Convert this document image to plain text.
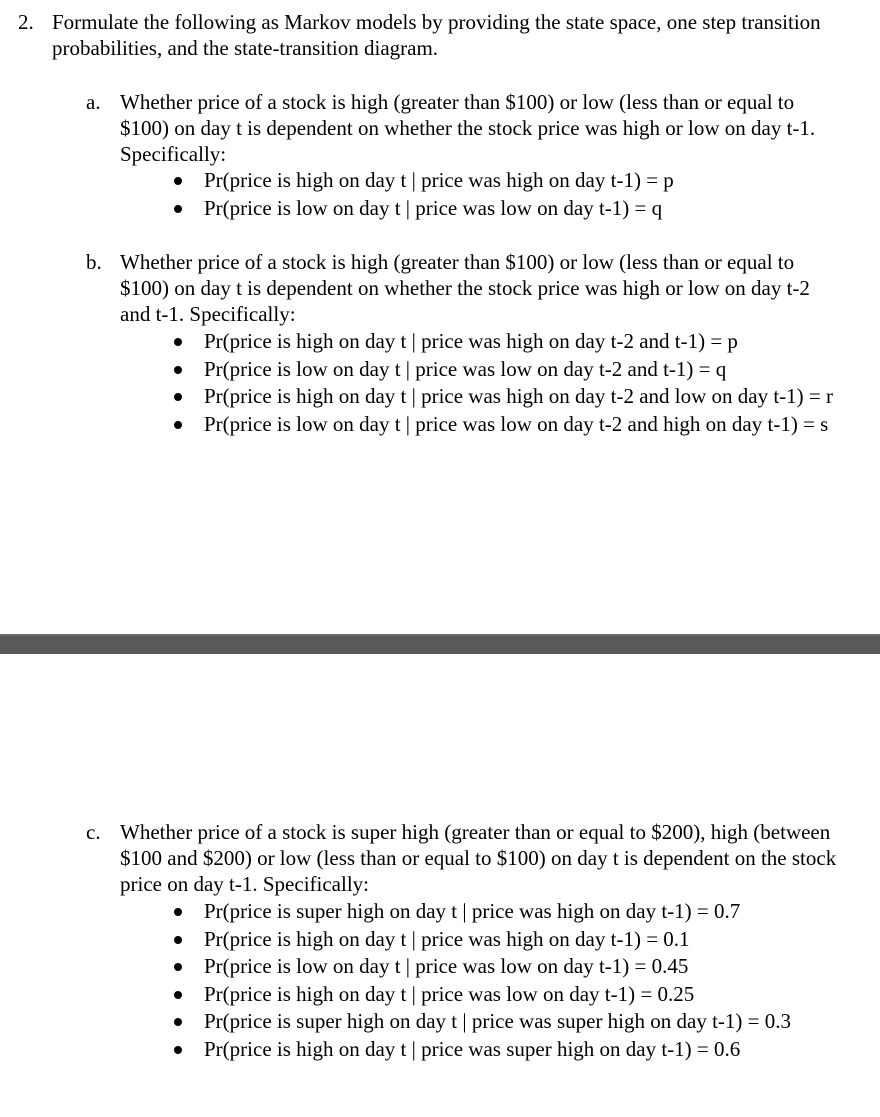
2. Formulate the following as Markov models by providing the state space, one step transition probabilities, and the state-transition diagram.
a. Whether price of a stock is high (greater than $100) or low (less than or equal to $100) on day t is dependent on whether the stock price was high or low on day t-1. Specifically:
Pr(price is high on day t | price was high on day t-1) = p
Pr(price is low on day t | price was low on day t-1) = q
b. Whether price of a stock is high (greater than $100) or low (less than or equal to $100) on day t is dependent on whether the stock price was high or low on day t-2 and t-1. Specifically:
Pr(price is high on day t | price was high on day t-2 and t-1) = p
Pr(price is low on day t | price was low on day t-2 and t-1) = q
Pr(price is high on day t | price was high on day t-2 and low on day t-1) = r
Pr(price is low on day t | price was low on day t-2 and high on day t-1) = s
c. Whether price of a stock is super high (greater than or equal to $200), high (between $100 and $200) or low (less than or equal to $100) on day t is dependent on the stock price on day t-1. Specifically:
Pr(price is super high on day t | price was high on day t-1) = 0.7
Pr(price is high on day t | price was high on day t-1) = 0.1
Pr(price is low on day t | price was low on day t-1) = 0.45
Pr(price is high on day t | price was low on day t-1) = 0.25
Pr(price is super high on day t | price was super high on day t-1) = 0.3
Pr(price is high on day t | price was super high on day t-1) = 0.6
